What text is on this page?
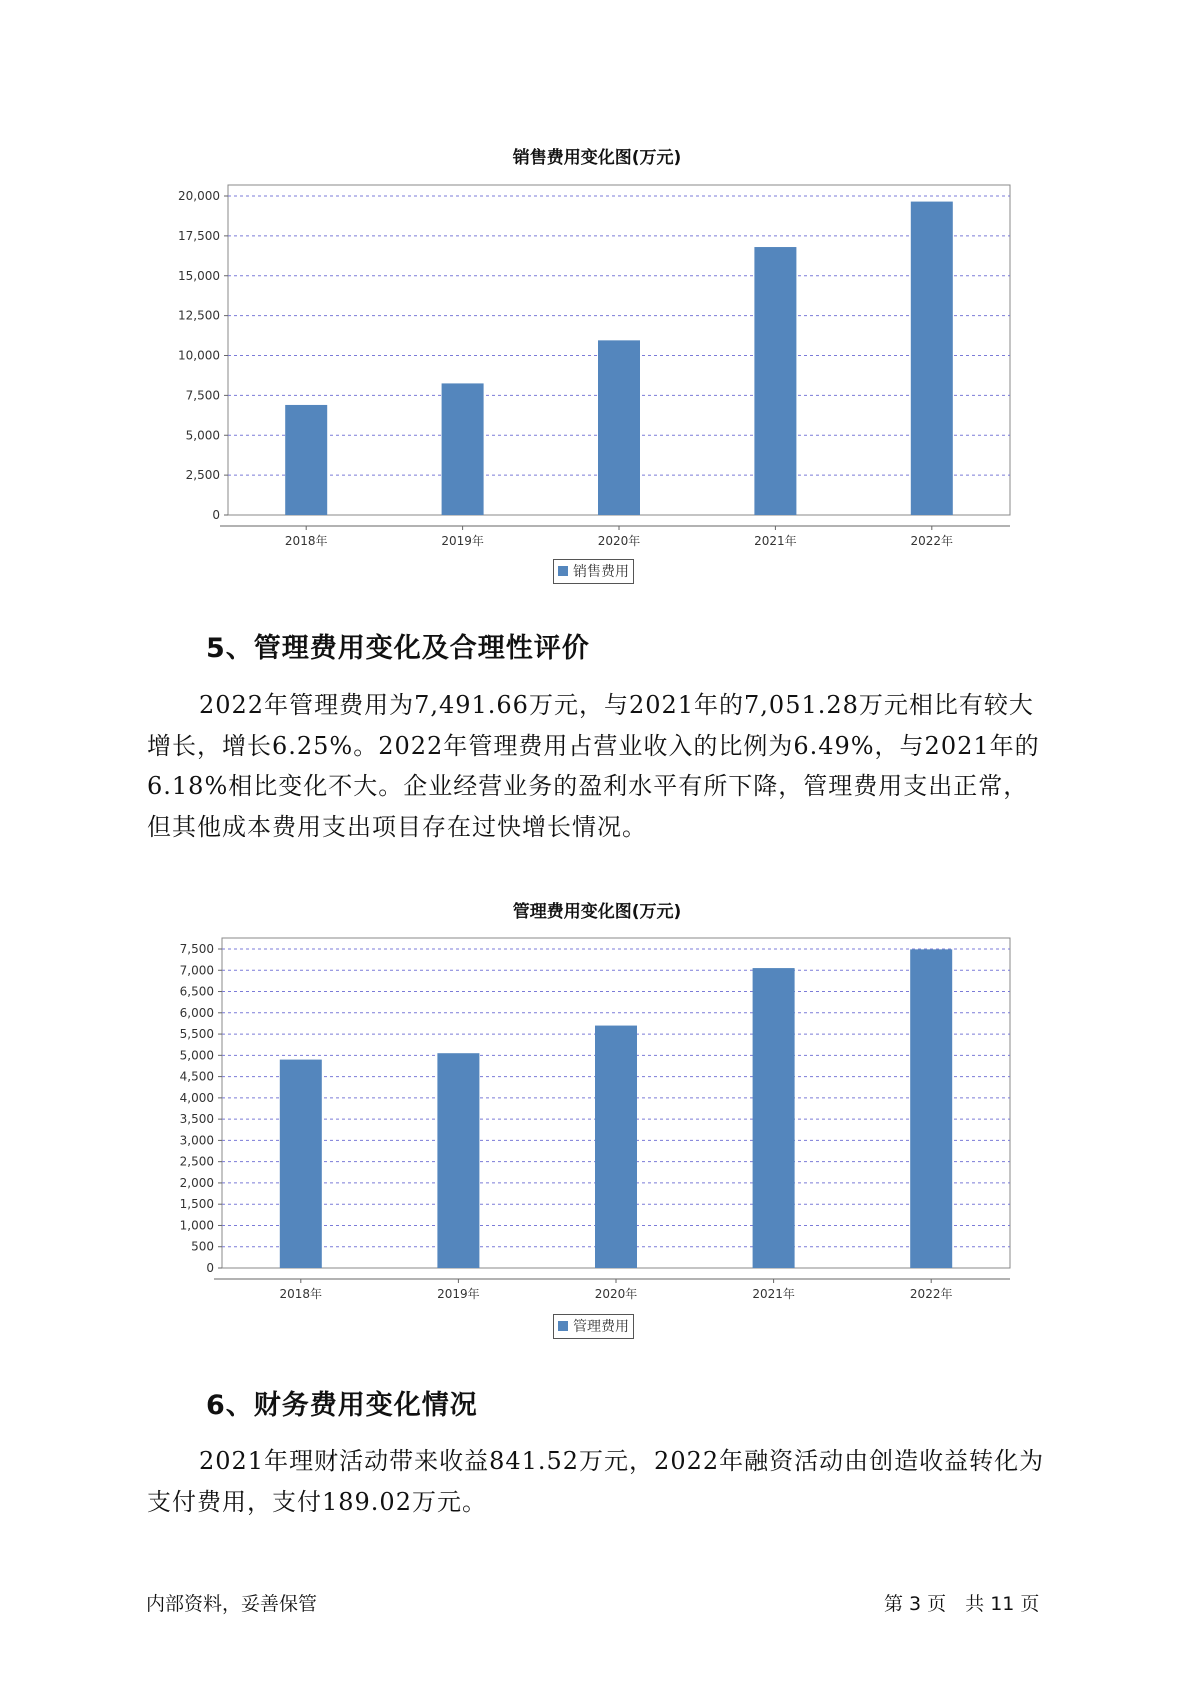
销售费用变化图(万元)
0
2,500
5,000
7,500
10,000
12,500
15,000
17,500
20,000
2018年	2019年	2020年	2021年	2022年
销售费用
5、管理费用变化及合理性评价

2022年管理费用为7,491.66万元，与2021年的7,051.28万元相比有较大增长，增长6.25%。2022年管理费用占营业收入的比例为6.49%，与2021年的6.18%相比变化不大。企业经营业务的盈利水平有所下降，管理费用支出正常，但其他成本费用支出项目存在过快增长情况。

管理费用变化图(万元)
0
500
1,000
1,500
2,000
2,500
3,000
3,500
4,000
4,500
5,000
5,500
6,000
6,500
7,000
7,500
2018年	2019年	2020年	2021年	2022年
管理费用
6、财务费用变化情况

2021年理财活动带来收益841.52万元，2022年融资活动由创造收益转化为支付费用，支付189.02万元。

内部资料，妥善保管	第 3 页　共 11 页
